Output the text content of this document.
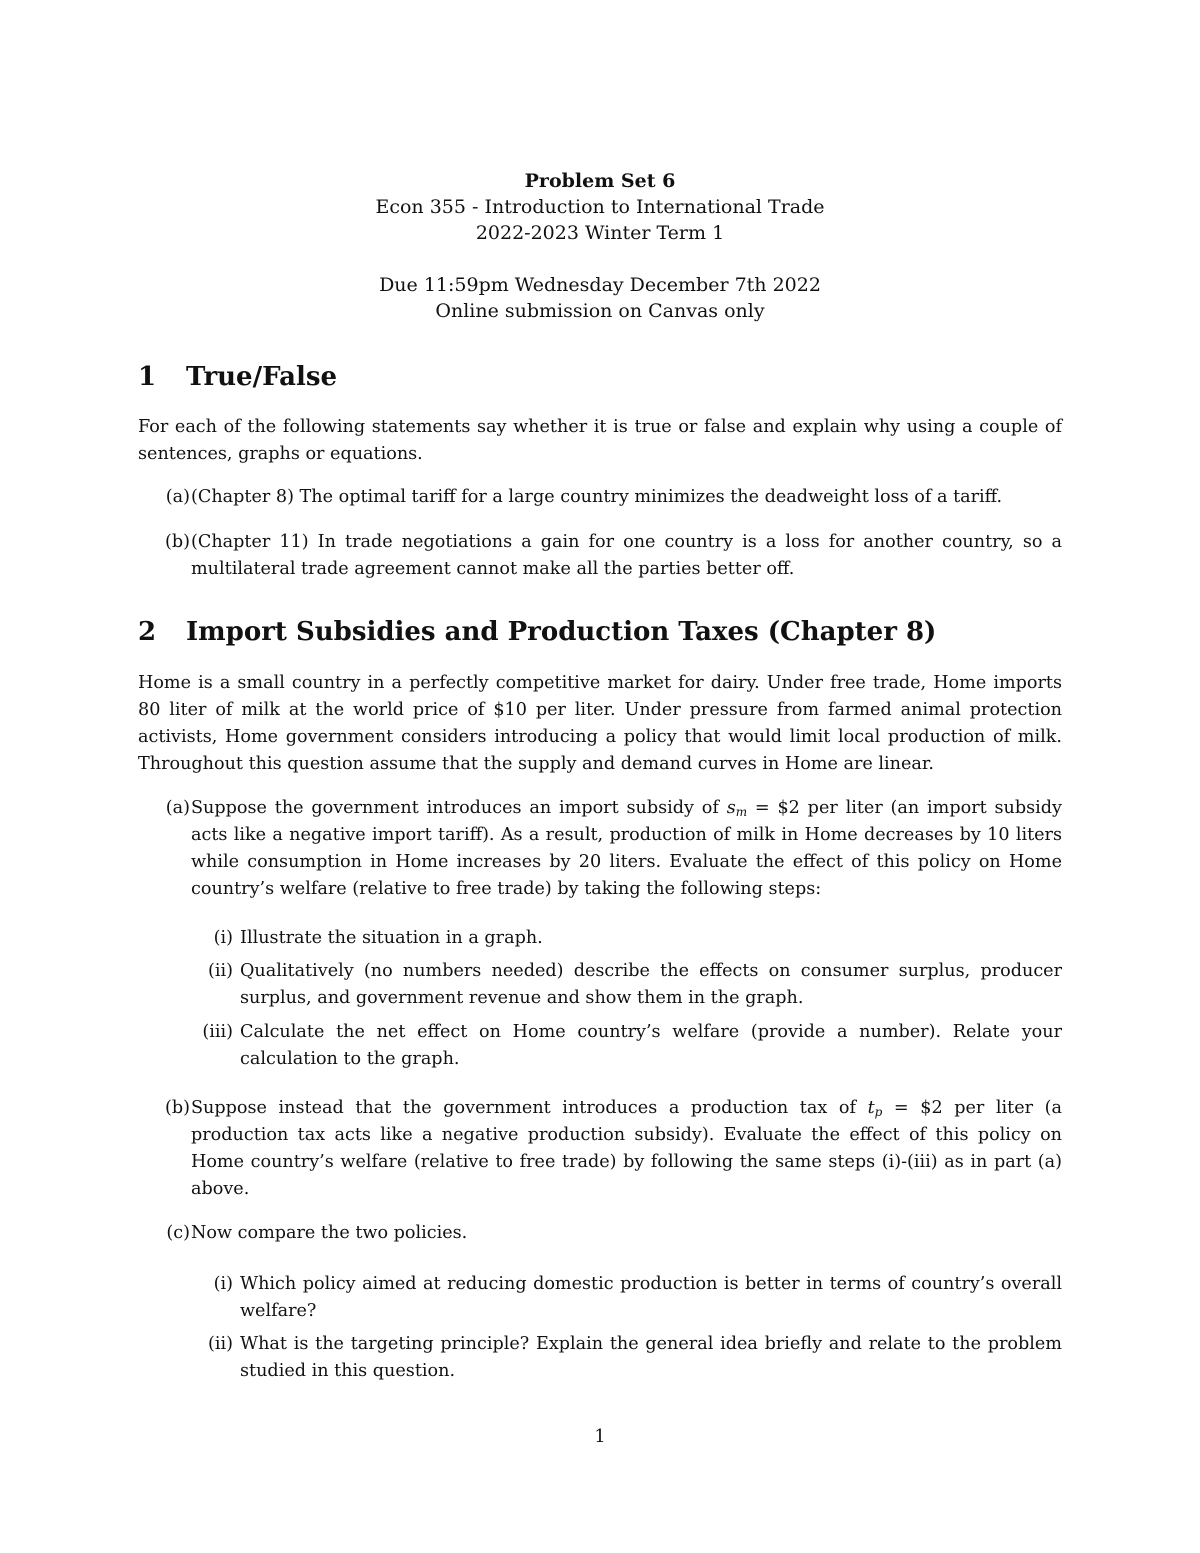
Problem Set 6
Econ 355 - Introduction to International Trade
2022-2023 Winter Term 1
Due 11:59pm Wednesday December 7th 2022
Online submission on Canvas only
1 True/False
For each of the following statements say whether it is true or false and explain why using a couple of sentences, graphs or equations.
(a) (Chapter 8) The optimal tariff for a large country minimizes the deadweight loss of a tariff.
(b) (Chapter 11) In trade negotiations a gain for one country is a loss for another country, so a multilateral trade agreement cannot make all the parties better off.
2 Import Subsidies and Production Taxes (Chapter 8)
Home is a small country in a perfectly competitive market for dairy. Under free trade, Home imports 80 liter of milk at the world price of $10 per liter. Under pressure from farmed animal protection activists, Home government considers introducing a policy that would limit local production of milk. Throughout this question assume that the supply and demand curves in Home are linear.
(a) Suppose the government introduces an import subsidy of $s_m$ = $2 per liter (an import subsidy acts like a negative import tariff). As a result, production of milk in Home decreases by 10 liters while consumption in Home increases by 20 liters. Evaluate the effect of this policy on Home country’s welfare (relative to free trade) by taking the following steps:
(i) Illustrate the situation in a graph.
(ii) Qualitatively (no numbers needed) describe the effects on consumer surplus, producer surplus, and government revenue and show them in the graph.
(iii) Calculate the net effect on Home country’s welfare (provide a number). Relate your calculation to the graph.
(b) Suppose instead that the government introduces a production tax of $t_p$ = $2 per liter (a production tax acts like a negative production subsidy). Evaluate the effect of this policy on Home country’s welfare (relative to free trade) by following the same steps (i)-(iii) as in part (a) above.
(c) Now compare the two policies.
(i) Which policy aimed at reducing domestic production is better in terms of country’s overall welfare?
(ii) What is the targeting principle? Explain the general idea briefly and relate to the problem studied in this question.
1
